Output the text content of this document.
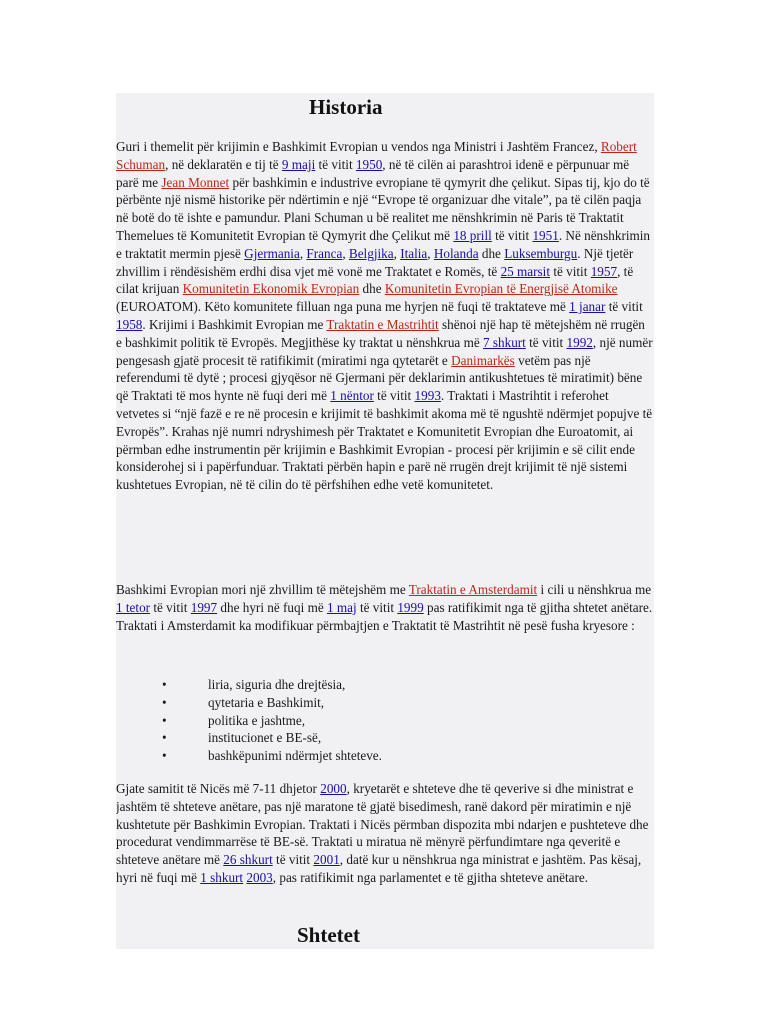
Historia

Guri i themelit për krijimin e Bashkimit Evropian u vendos nga Ministri i Jashtëm Francez, Robert Schuman, në deklaratën e tij të 9 maji të vitit 1950, në të cilën ai parashtroi idenë e përpunuar më parë me Jean Monnet për bashkimin e industrive evropiane të qymyrit dhe çelikut. Sipas tij, kjo do të përbënte një nismë historike për ndërtimin e një “Evrope të organizuar dhe vitale”, pa të cilën paqja në botë do të ishte e pamundur. Plani Schuman u bë realitet me nënshkrimin në Paris të Traktatit Themelues të Komunitetit Evropian të Qymyrit dhe Çelikut më 18 prill të vitit 1951. Në nënshkrimin e traktatit mermin pjesë Gjermania, Franca, Belgjika, Italia, Holanda dhe Luksemburgu. Një tjetër zhvillim i rëndësishëm erdhi disa vjet më vonë me Traktatet e Romës, të 25 marsit të vitit 1957, të cilat krijuan Komunitetin Ekonomik Evropian dhe Komunitetin Evropian të Energjisë Atomike (EUROATOM). Këto komunitete filluan nga puna me hyrjen në fuqi të traktateve më 1 janar të vitit 1958. Krijimi i Bashkimit Evropian me Traktatin e Mastrihtit shënoi një hap të mëtejshëm në rrugën e bashkimit politik të Evropës. Megjithëse ky traktat u nënshkrua më 7 shkurt të vitit 1992, një numër pengesash gjatë procesit të ratifikimit (miratimi nga qytetarët e Danimarkës vetëm pas një referendumi të dytë ; procesi gjyqësor në Gjermani për deklarimin antikushtetues të miratimit) bëne që Traktati të mos hynte në fuqi deri më 1 nëntor të vitit 1993. Traktati i Mastrihtit i referohet vetvetes si “një fazë e re në procesin e krijimit të bashkimit akoma më të ngushtë ndërmjet popujve të Evropës”. Krahas një numri ndryshimesh për Traktatet e Komunitetit Evropian dhe Euroatomit, ai përmban edhe instrumentin për krijimin e Bashkimit Evropian - procesi për krijimin e së cilit ende konsiderohej si i papërfunduar. Traktati përbën hapin e parë në rrugën drejt krijimit të një sistemi kushtetues Evropian, në të cilin do të përfshihen edhe vetë komunitetet.

Bashkimi Evropian mori një zhvillim të mëtejshëm me Traktatin e Amsterdamit i cili u nënshkrua me 1 tetor të vitit 1997 dhe hyri në fuqi më 1 maj të vitit 1999 pas ratifikimit nga të gjitha shtetet anëtare. Traktati i Amsterdamit ka modifikuar përmbajtjen e Traktatit të Mastrihtit në pesë fusha kryesore :

• liria, siguria dhe drejtësia,
• qytetaria e Bashkimit,
• politika e jashtme,
• institucionet e BE-së,
• bashkëpunimi ndërmjet shteteve.

Gjate samitit të Nicës më 7-11 dhjetor 2000, kryetarët e shteteve dhe të qeverive si dhe ministrat e jashtëm të shteteve anëtare, pas një maratone të gjatë bisedimesh, ranë dakord për miratimin e një kushtetute për Bashkimin Evropian. Traktati i Nicës përmban dispozita mbi ndarjen e pushteteve dhe procedurat vendimmarrëse të BE-së. Traktati u miratua në mënyrë përfundimtare nga qeveritë e shteteve anëtare më 26 shkurt të vitit 2001, datë kur u nënshkrua nga ministrat e jashtëm. Pas kësaj, hyri në fuqi më 1 shkurt 2003, pas ratifikimit nga parlamentet e të gjitha shteteve anëtare.

Shtetet
